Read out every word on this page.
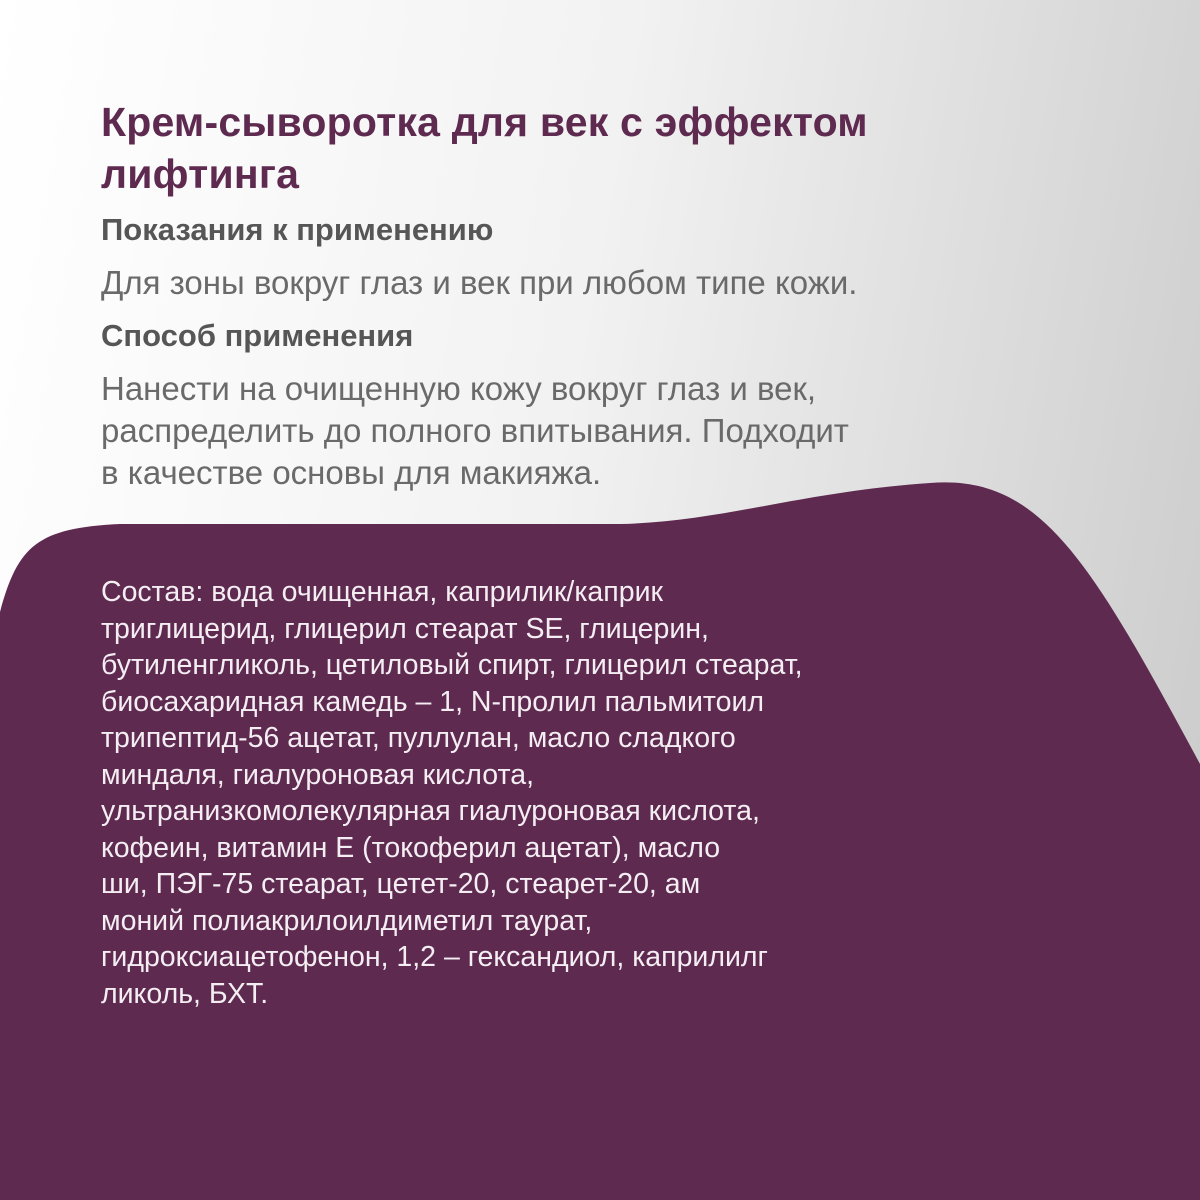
Крем-сыворотка для век с эффектом
лифтинга
Показания к применению

Для зоны вокруг глаз и век при любом типе кожи.

Способ применения

Нанести на очищенную кожу вокруг глаз и век,
распределить до полного впитывания. Подходит
в качестве основы для макияжа.

Состав: вода очищенная, каприлик/каприк
триглицерид, глицерил стеарат SE, глицерин,
бутиленгликоль, цетиловый спирт, глицерил стеарат,
биосахаридная камедь – 1, N-пролил пальмитоил
трипептид-56 ацетат, пуллулан, масло сладкого
миндаля, гиалуроновая кислота,
ультранизкомолекулярная гиалуроновая кислота,
кофеин, витамин Е (токоферил ацетат), масло
ши, ПЭГ-75 стеарат, цетет-20, стеарет-20, ам
моний полиакрилоилдиметил таурат,
гидроксиацетофенон, 1,2 – гександиол, каприлилг
ликоль, БХТ.
